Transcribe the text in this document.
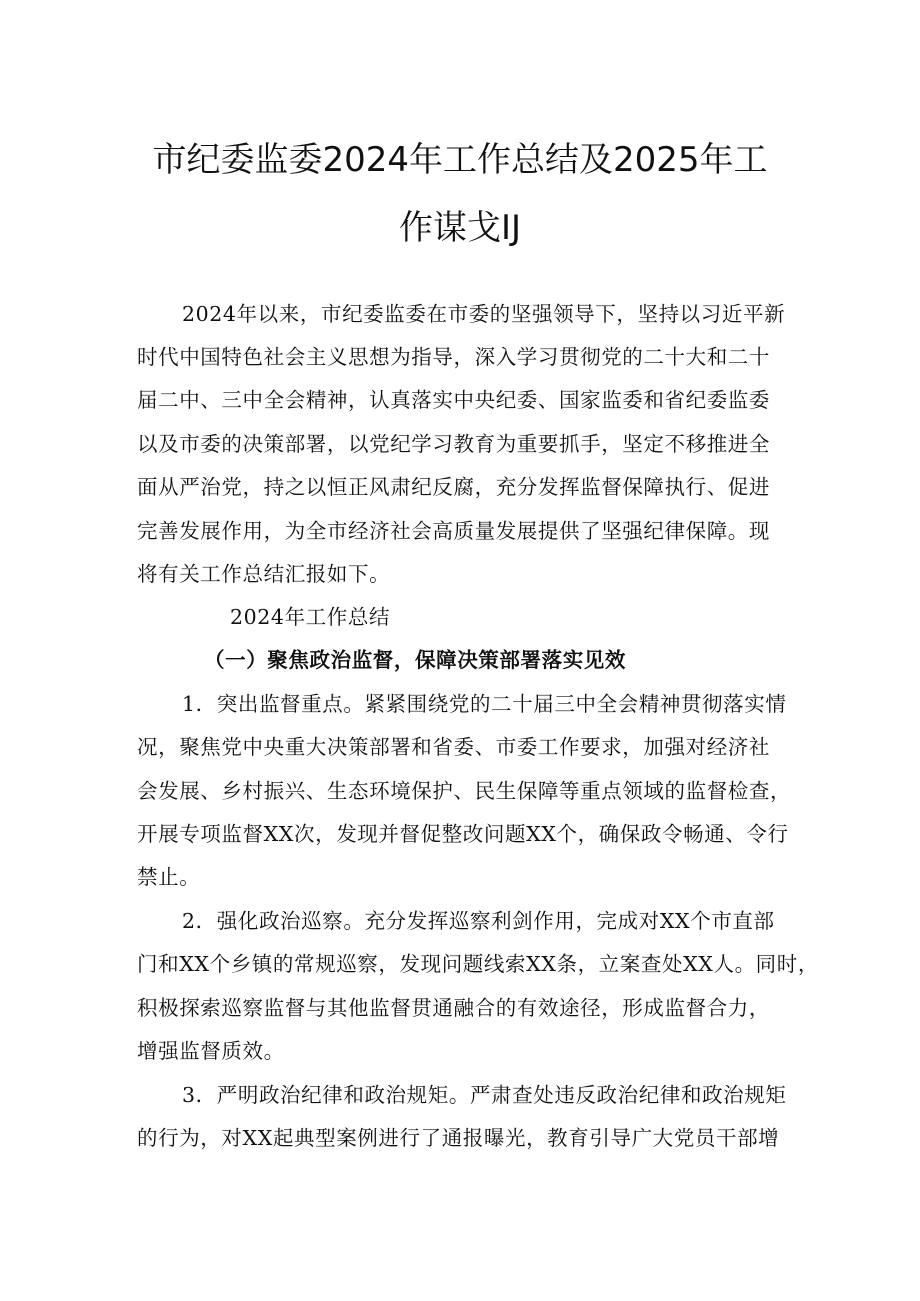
市纪委监委2024年工作总结及2025年工
作谋戈IJ
2024年以来，市纪委监委在市委的坚强领导下，坚持以习近平新
时代中国特色社会主义思想为指导，深入学习贯彻党的二十大和二十
届二中、三中全会精神，认真落实中央纪委、国家监委和省纪委监委
以及市委的决策部署，以党纪学习教育为重要抓手，坚定不移推进全
面从严治党，持之以恒正风肃纪反腐，充分发挥监督保障执行、促进
完善发展作用，为全市经济社会高质量发展提供了坚强纪律保障。现
将有关工作总结汇报如下。
2024年工作总结
（一）聚焦政治监督，保障决策部署落实见效
1．突出监督重点。紧紧围绕党的二十届三中全会精神贯彻落实情
况，聚焦党中央重大决策部署和省委、市委工作要求，加强对经济社
会发展、乡村振兴、生态环境保护、民生保障等重点领域的监督检查，
开展专项监督XX次，发现并督促整改问题XX个，确保政令畅通、令行
禁止。
2．强化政治巡察。充分发挥巡察利剑作用，完成对XX个市直部
门和XX个乡镇的常规巡察，发现问题线索XX条，立案查处XX人。同时，
积极探索巡察监督与其他监督贯通融合的有效途径，形成监督合力，
增强监督质效。
3．严明政治纪律和政治规矩。严肃查处违反政治纪律和政治规矩
的行为，对XX起典型案例进行了通报曝光，教育引导广大党员干部增
